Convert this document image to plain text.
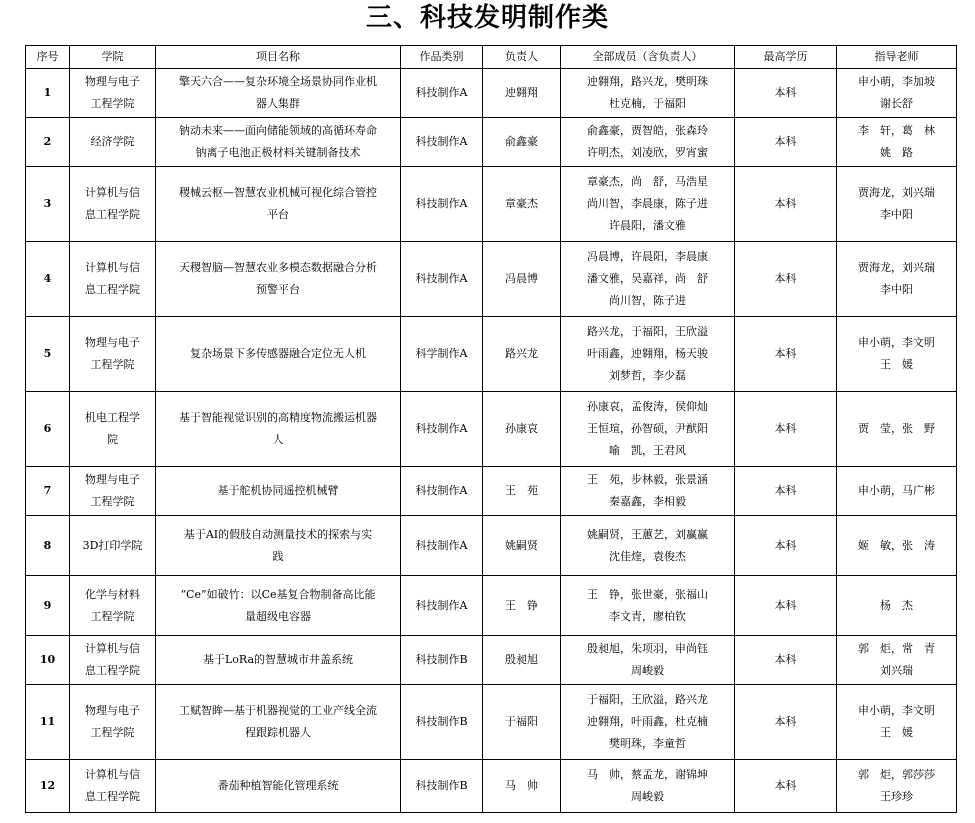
三、科技发明制作类
序号	学院	项目名称	作品类别	负责人	全部成员（含负责人）	最高学历	指导老师
1	物理与电子
工程学院	擎天六合——复杂环境全场景协同作业机
器人集群	科技制作A	迚翱翔	迚翱翔，路兴龙，樊明珠
杜克楠，于福阳	本科	申小萌，李加坡
谢长舒

2	经济学院	钠动未来——面向储能领域的高循环寿命
钠离子电池正极材料关键制备技术	科技制作A	俞鑫豪	俞鑫豪，贾智皓，张森玲
许明杰，刘凌欣，罗宵蜜	本科	李　轩，葛　林
姚　路

3	计算机与信
息工程学院	稷械云枢—智慧农业机械可视化综合管控
平台	科技制作A	章豪杰	章豪杰，尚　舒，马浩星
尚川智，李晨康，陈子进
许晨阳，潘文雅	本科	贾海龙，刘兴瑞
李中阳

4	计算机与信
息工程学院	天稷智脑—智慧农业多模态数据融合分析
预警平台	科技制作A	冯晨博	冯晨博，许晨阳，李晨康
潘文雅，吴嘉祥，尚　舒
尚川智，陈子进	本科	贾海龙，刘兴瑞
李中阳

5	物理与电子
工程学院	复杂场景下多传感器融合定位无人机	科学制作A	路兴龙	路兴龙，于福阳，王欣溢
叶雨鑫，迚翱翔，杨天骏
刘梦哲，李少磊	本科	申小萌，李文明
王　媛

6	机电工程学
院	基于智能视觉识别的高精度物流搬运机器
人	科技制作A	孙康哀	孙康哀，孟俊涛，侯仰灿
王恒瑄，孙智硕，尹猷阳
喻　凯，王君风	本科	贾　莹，张　野

7	物理与电子
工程学院	基于舵机协同遥控机械臂	科技制作A	王　苑	王　苑，步林毅，张景涵
秦嘉鑫，李相毅	本科	申小萌，马广彬

8	3D打印学院	基于AI的假肢自动测量技术的探索与实
践	科技制作A	姚嗣贤	姚嗣贤，王蕙艺，刘赢赢
沈佳煃，袁俊杰	本科	姬　敏，张　涛

9	化学与材料
工程学院	“Ce”如破竹：以Ce基复合物制备高比能
量超级电容器	科技制作A	王　铮	王　铮，张世豪，张福山
李文青，廖柏钦	本科	杨　杰

10	计算机与信
息工程学院	基于LoRa的智慧城市井盖系统	科技制作B	殷昶旭	殷昶旭，朱项羽，申尚钰
周峻毅	本科	郭　炬，常　青
刘兴瑞

11	物理与电子
工程学院	工赋智眸—基于机器视觉的工业产线全流
程跟踪机器人	科技制作B	于福阳	于福阳，王欣溢，路兴龙
迚翱翔，叶雨鑫，杜克楠
樊明珠，李童哲	本科	申小萌，李文明
王　媛

12	计算机与信
息工程学院	番茄种植智能化管理系统	科技制作B	马　帅	马　帅，蔡孟龙，谢锦坤
周峻毅	本科	郭　炬，郭莎莎
王珍珍
